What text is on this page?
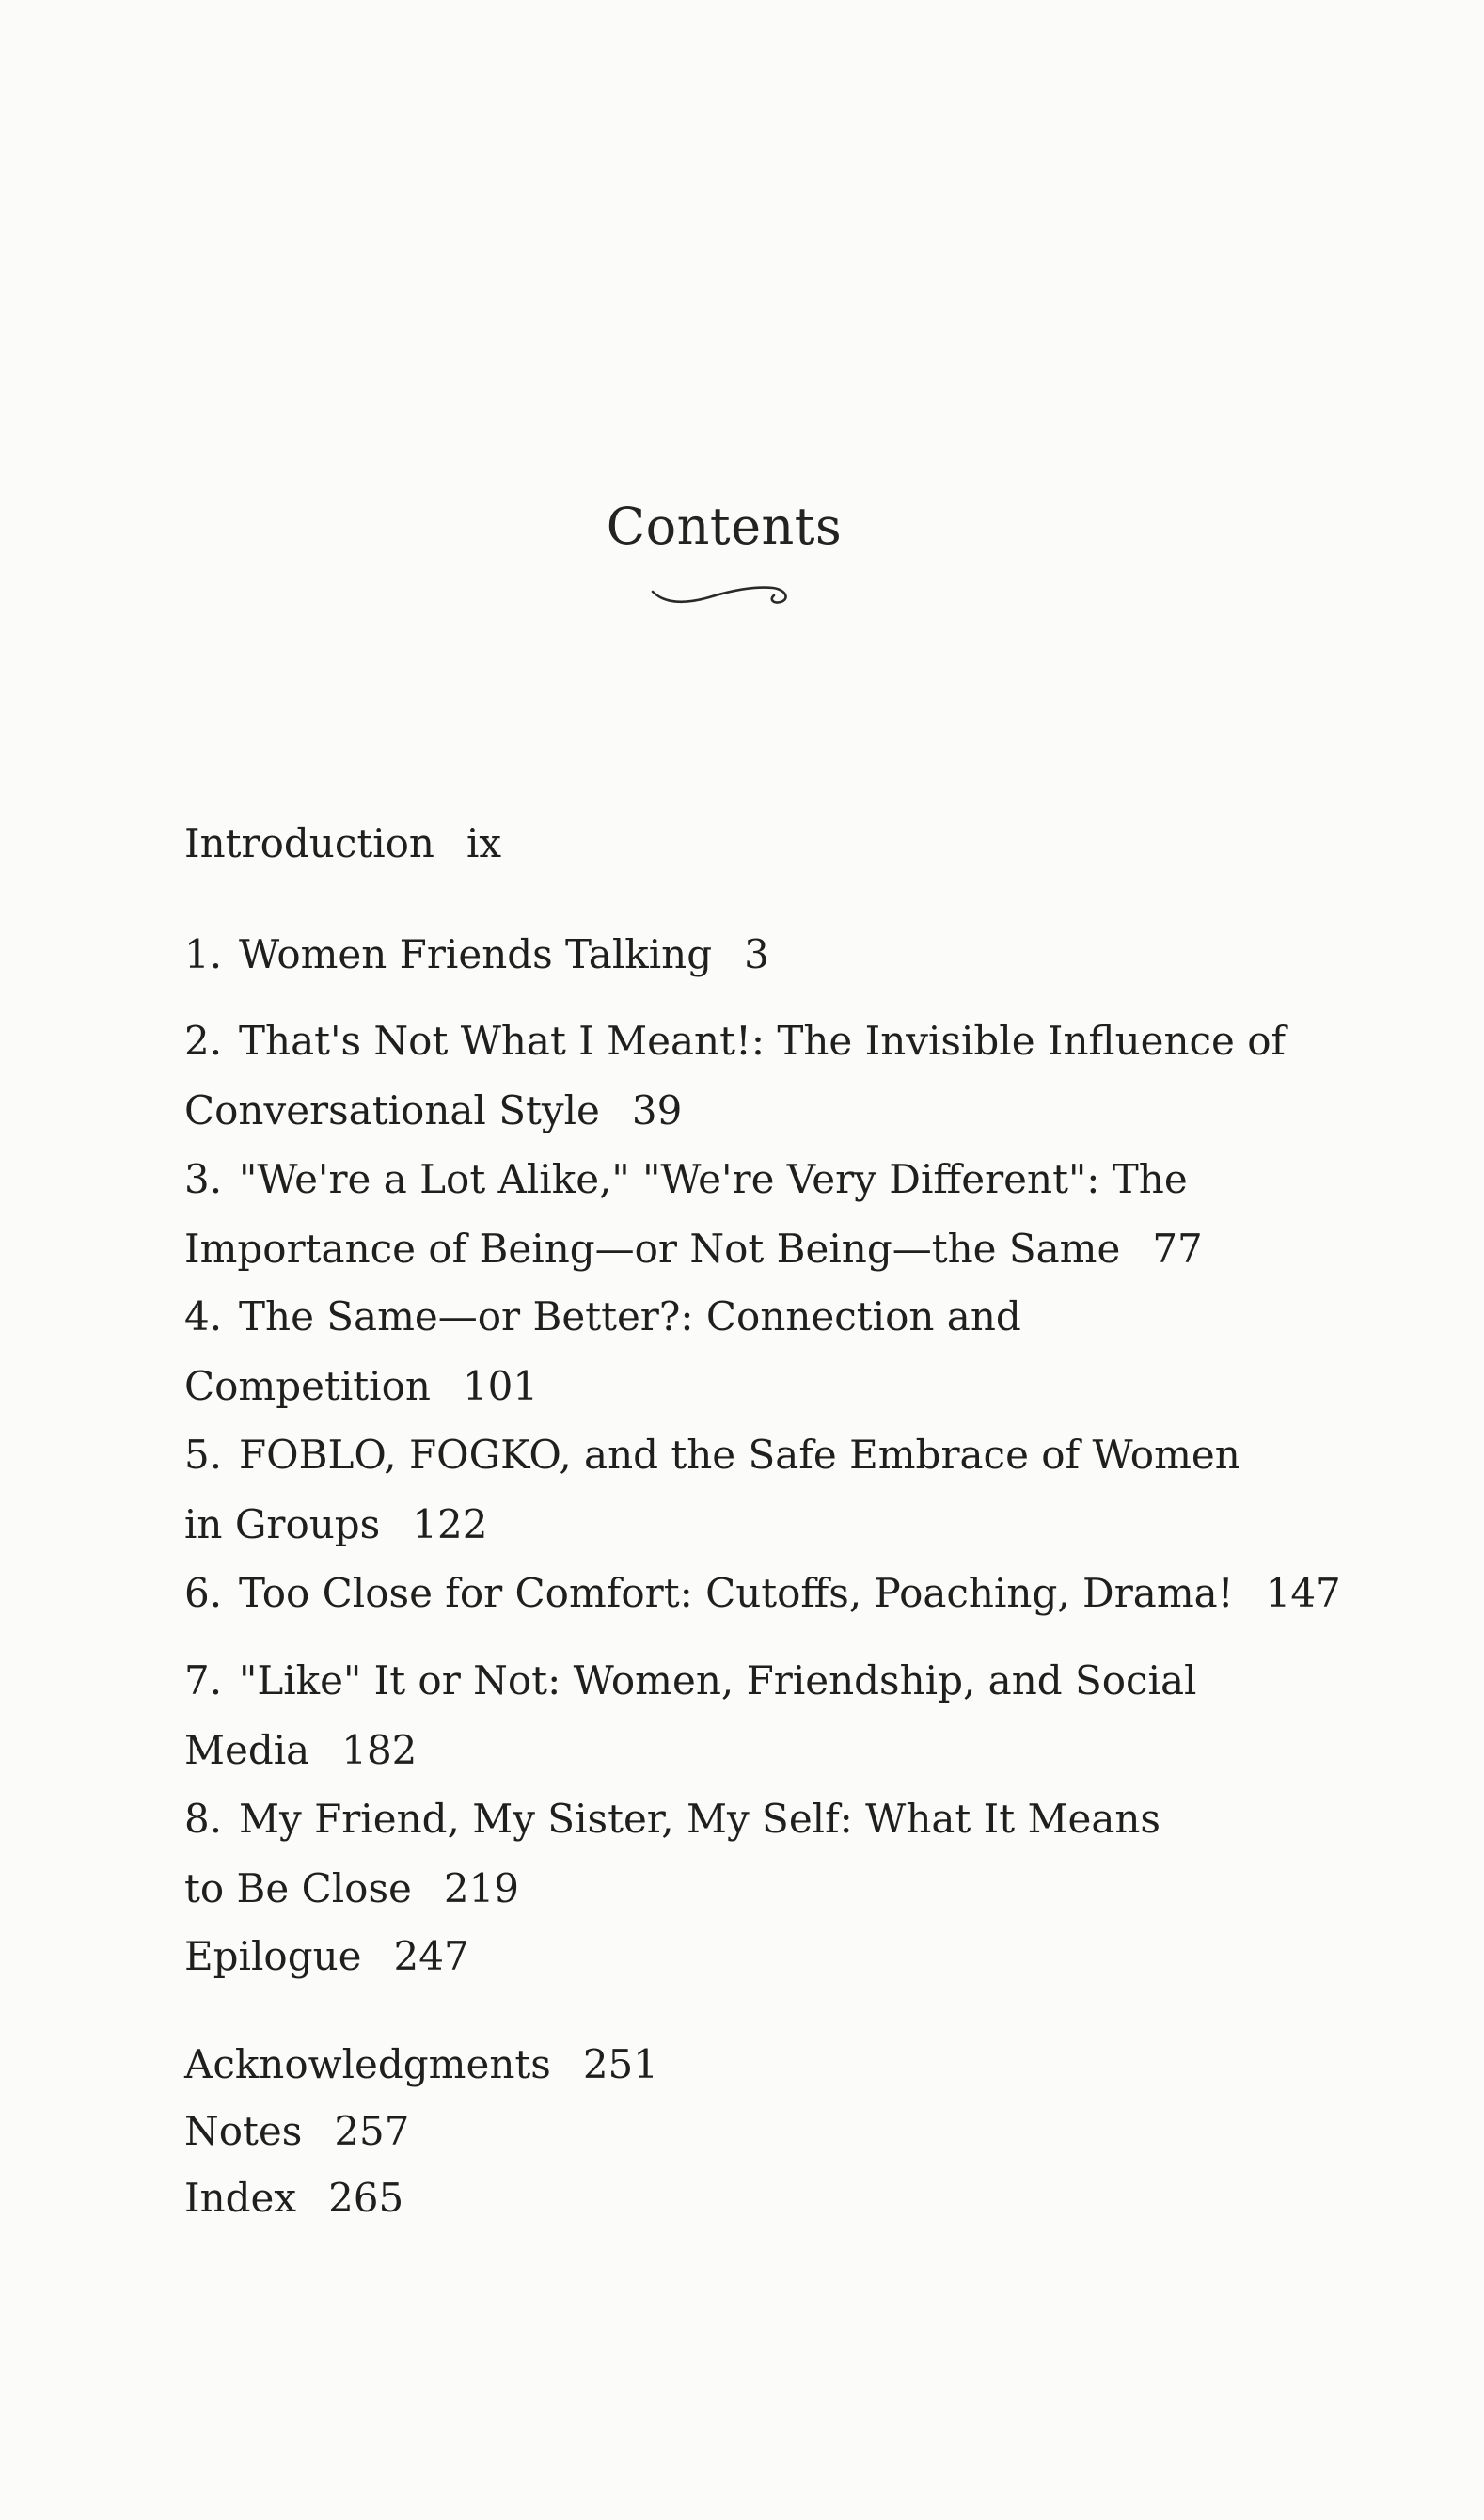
Contents
Introduction ix
1. Women Friends Talking 3
2. That's Not What I Meant!: The Invisible Influence of
Conversational Style 39
3. "We're a Lot Alike," "We're Very Different": The
Importance of Being—or Not Being—the Same 77
4. The Same—or Better?: Connection and
Competition 101
5. FOBLO, FOGKO, and the Safe Embrace of Women
in Groups 122
6. Too Close for Comfort: Cutoffs, Poaching, Drama! 147
7. "Like" It or Not: Women, Friendship, and Social
Media 182
8. My Friend, My Sister, My Self: What It Means
to Be Close 219
Epilogue 247
Acknowledgments 251
Notes 257
Index 265
